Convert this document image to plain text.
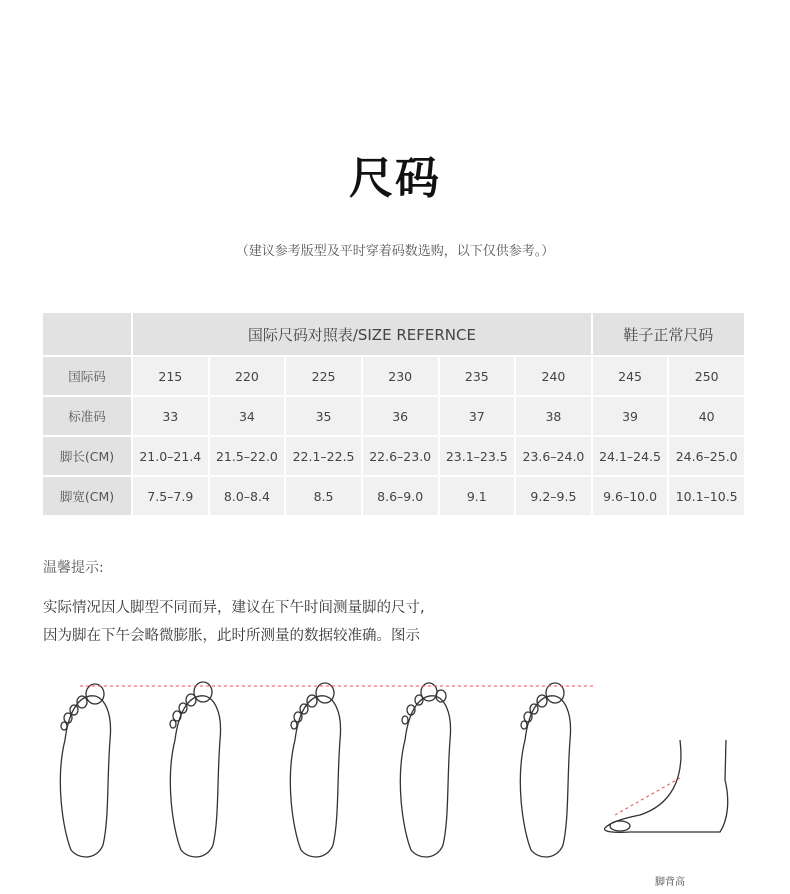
尺码
（建议参考版型及平时穿着码数选购，以下仅供参考。）
	国际尺码对照表/SIZE REFERNCE						鞋子正常尺码	
国际码	215	220	225	230	235	240	245	250
标准码	33	34	35	36	37	38	39	40
脚长(CM)	21.0–21.4	21.5–22.0	22.1–22.5	22.6–23.0	23.1–23.5	23.6–24.0	24.1–24.5	24.6–25.0
脚宽(CM)	7.5–7.9	8.0–8.4	8.5	8.6–9.0	9.1	9.2–9.5	9.6–10.0	10.1–10.5
温馨提示:
实际情况因人脚型不同而异，建议在下午时间测量脚的尺寸,
因为脚在下午会略微膨胀，此时所测量的数据较准确。图示
脚背高
